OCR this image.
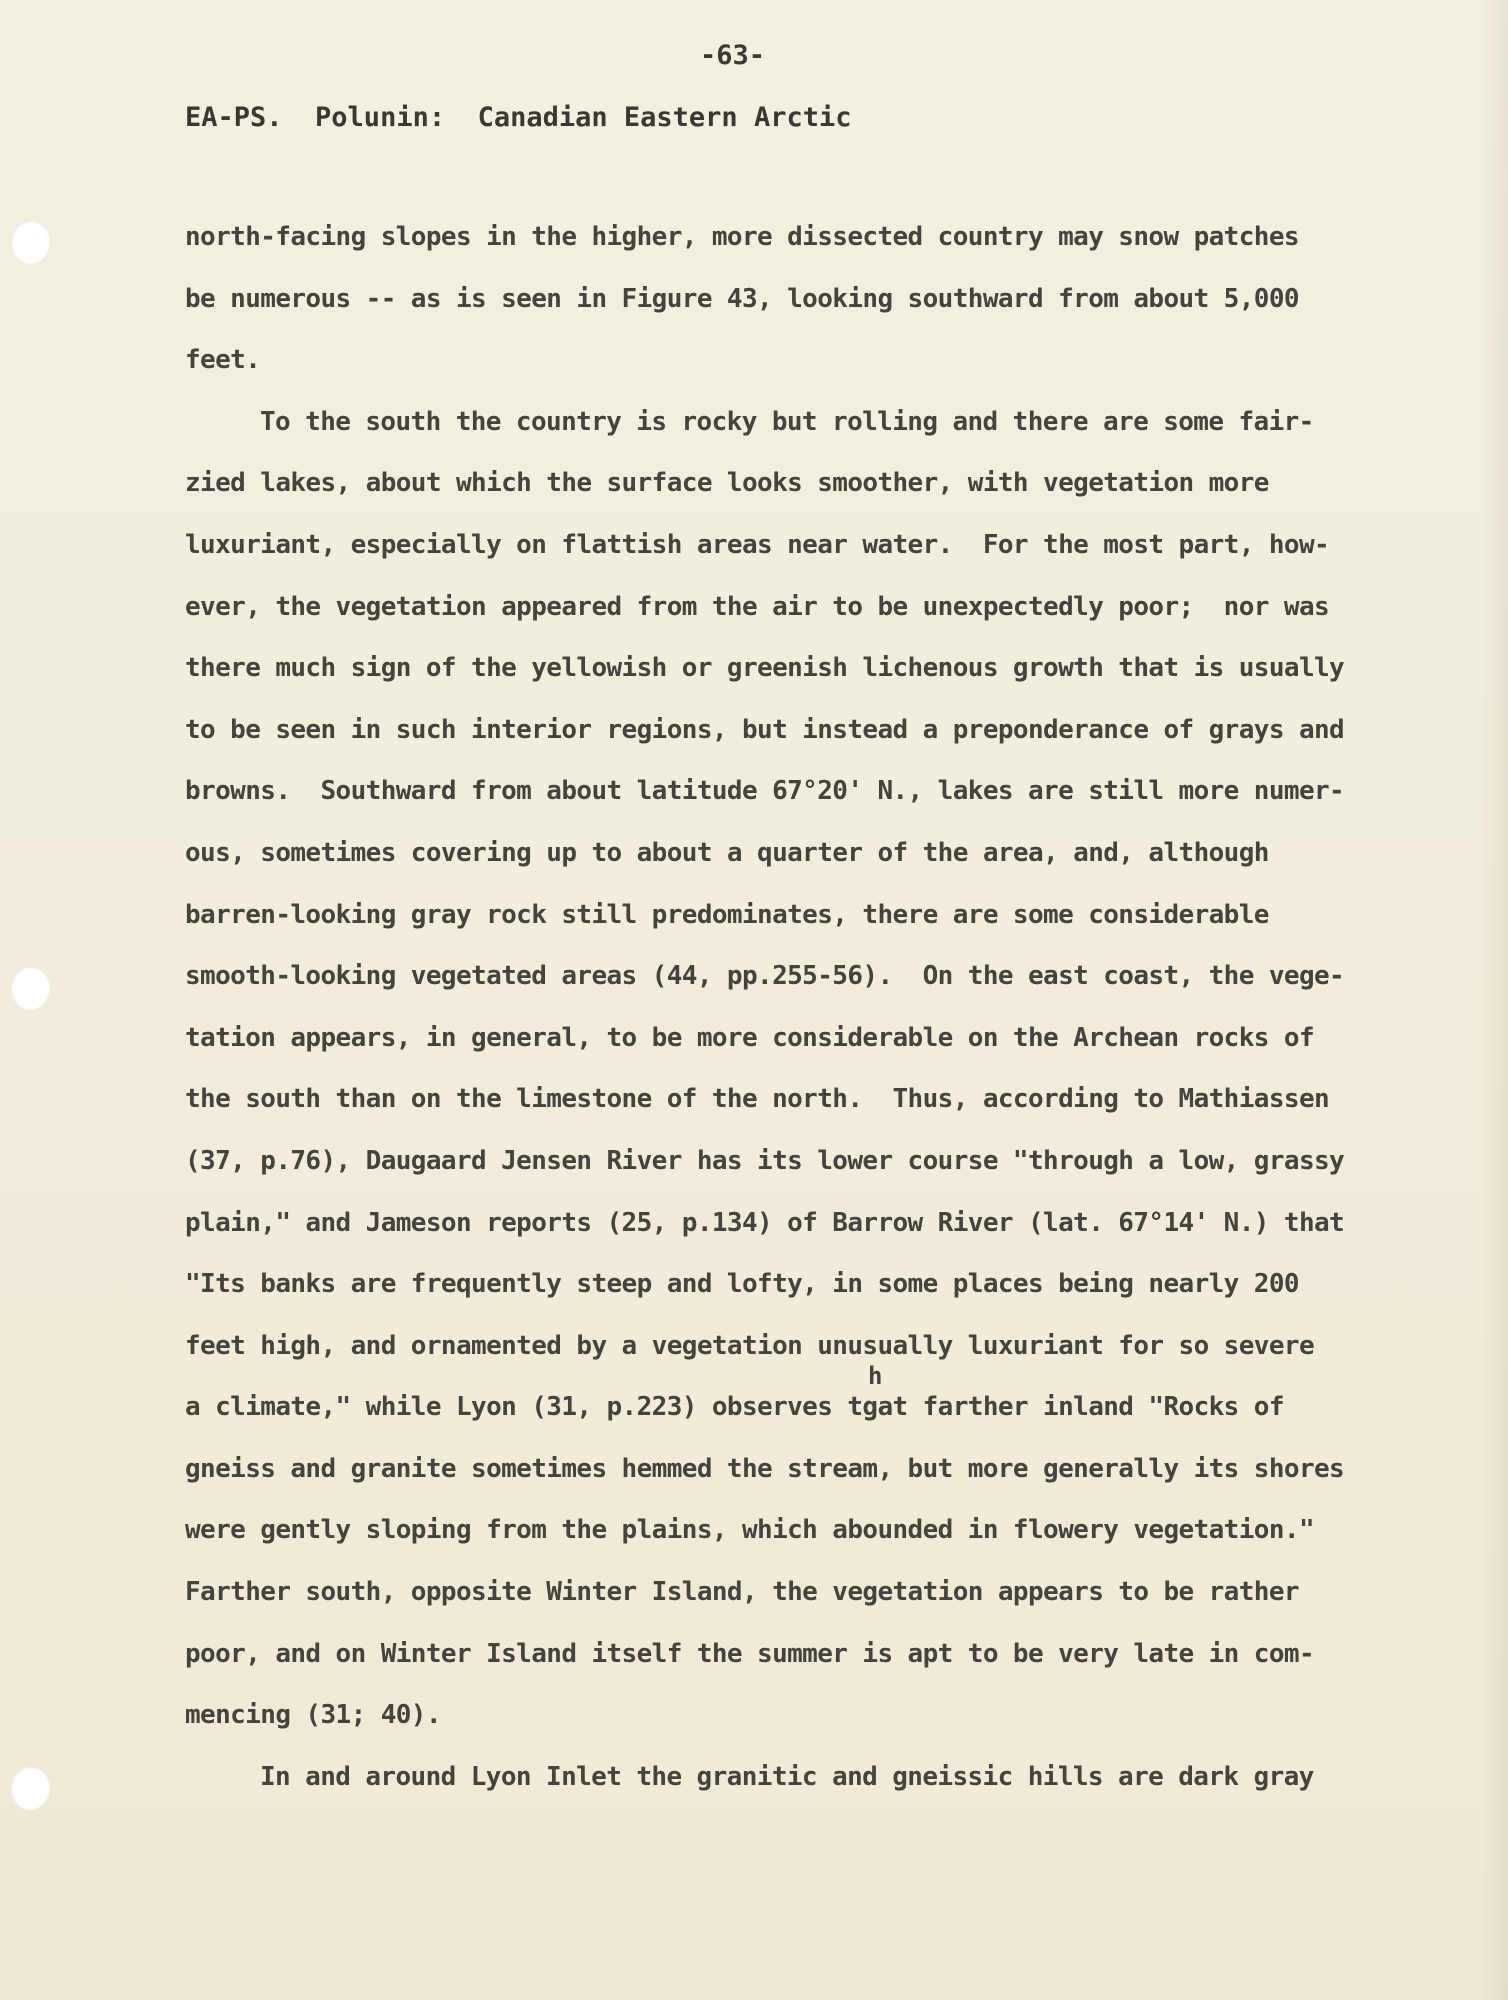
-63-
EA-PS.  Polunin:  Canadian Eastern Arctic
h
north-facing slopes in the higher, more dissected country may snow patches
be numerous -- as is seen in Figure 43, looking southward from about 5,000
feet.
To the south the country is rocky but rolling and there are some fair-
zied lakes, about which the surface looks smoother, with vegetation more
luxuriant, especially on flattish areas near water.  For the most part, how-
ever, the vegetation appeared from the air to be unexpectedly poor;  nor was
there much sign of the yellowish or greenish lichenous growth that is usually
to be seen in such interior regions, but instead a preponderance of grays and
browns.  Southward from about latitude 67°20' N., lakes are still more numer-
ous, sometimes covering up to about a quarter of the area, and, although
barren-looking gray rock still predominates, there are some considerable
smooth-looking vegetated areas (44, pp.255-56).  On the east coast, the vege-
tation appears, in general, to be more considerable on the Archean rocks of
the south than on the limestone of the north.  Thus, according to Mathiassen
(37, p.76), Daugaard Jensen River has its lower course "through a low, grassy
plain," and Jameson reports (25, p.134) of Barrow River (lat. 67°14' N.) that
"Its banks are frequently steep and lofty, in some places being nearly 200
feet high, and ornamented by a vegetation unusually luxuriant for so severe
a climate," while Lyon (31, p.223) observes tgat farther inland "Rocks of
gneiss and granite sometimes hemmed the stream, but more generally its shores
were gently sloping from the plains, which abounded in flowery vegetation."
Farther south, opposite Winter Island, the vegetation appears to be rather
poor, and on Winter Island itself the summer is apt to be very late in com-
mencing (31; 40).
In and around Lyon Inlet the granitic and gneissic hills are dark gray
